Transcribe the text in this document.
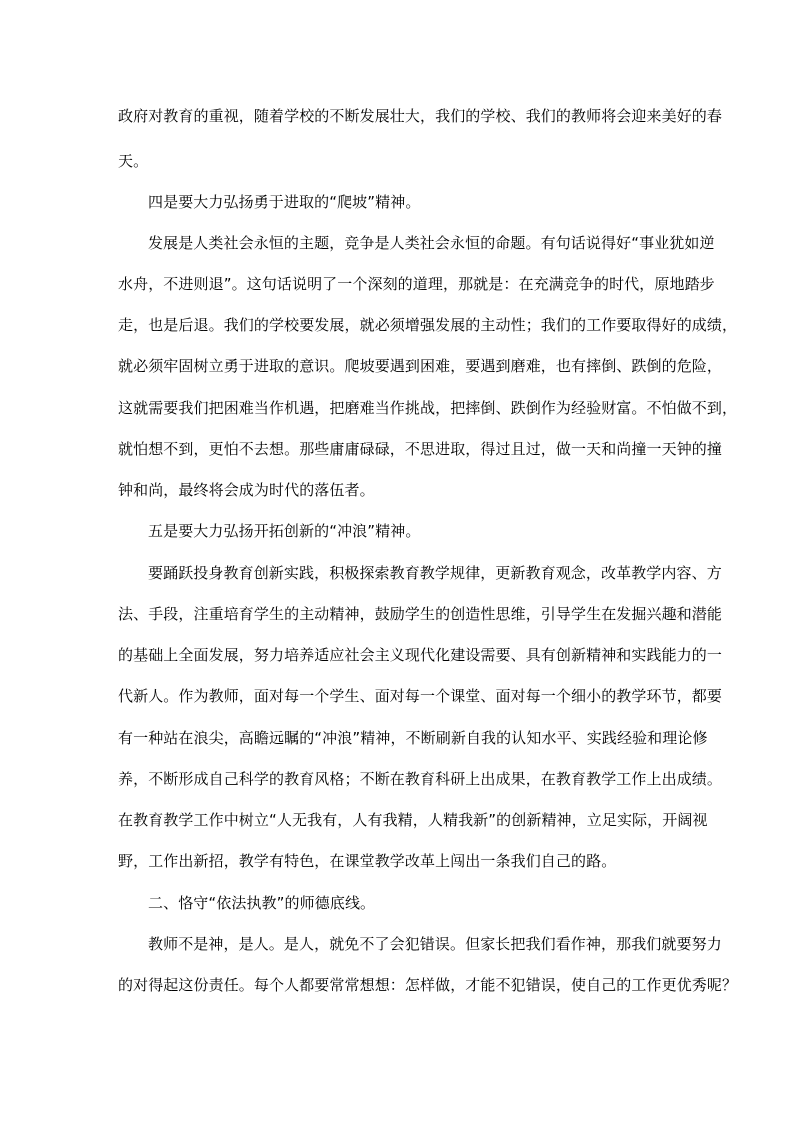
政府对教育的重视，随着学校的不断发展壮大，我们的学校、我们的教师将会迎来美好的春
天。
四是要大力弘扬勇于进取的“爬坡”精神。
发展是人类社会永恒的主题，竞争是人类社会永恒的命题。有句话说得好“事业犹如逆
水舟，不进则退”。这句话说明了一个深刻的道理，那就是：在充满竞争的时代，原地踏步
走，也是后退。我们的学校要发展，就必须增强发展的主动性；我们的工作要取得好的成绩，
就必须牢固树立勇于进取的意识。爬坡要遇到困难，要遇到磨难，也有摔倒、跌倒的危险，
这就需要我们把困难当作机遇，把磨难当作挑战，把摔倒、跌倒作为经验财富。不怕做不到，
就怕想不到，更怕不去想。那些庸庸碌碌，不思进取，得过且过，做一天和尚撞一天钟的撞
钟和尚，最终将会成为时代的落伍者。
五是要大力弘扬开拓创新的“冲浪”精神。
要踊跃投身教育创新实践，积极探索教育教学规律，更新教育观念，改革教学内容、方
法、手段，注重培育学生的主动精神，鼓励学生的创造性思维，引导学生在发掘兴趣和潜能
的基础上全面发展，努力培养适应社会主义现代化建设需要、具有创新精神和实践能力的一
代新人。作为教师，面对每一个学生、面对每一个课堂、面对每一个细小的教学环节，都要
有一种站在浪尖，高瞻远瞩的“冲浪”精神，不断刷新自我的认知水平、实践经验和理论修
养，不断形成自己科学的教育风格；不断在教育科研上出成果，在教育教学工作上出成绩。
在教育教学工作中树立“人无我有，人有我精，人精我新”的创新精神，立足实际，开阔视
野，工作出新招，教学有特色，在课堂教学改革上闯出一条我们自己的路。
二、恪守“依法执教”的师德底线。
教师不是神，是人。是人，就免不了会犯错误。但家长把我们看作神，那我们就要努力
的对得起这份责任。每个人都要常常想想：怎样做，才能不犯错误，使自己的工作更优秀呢？
